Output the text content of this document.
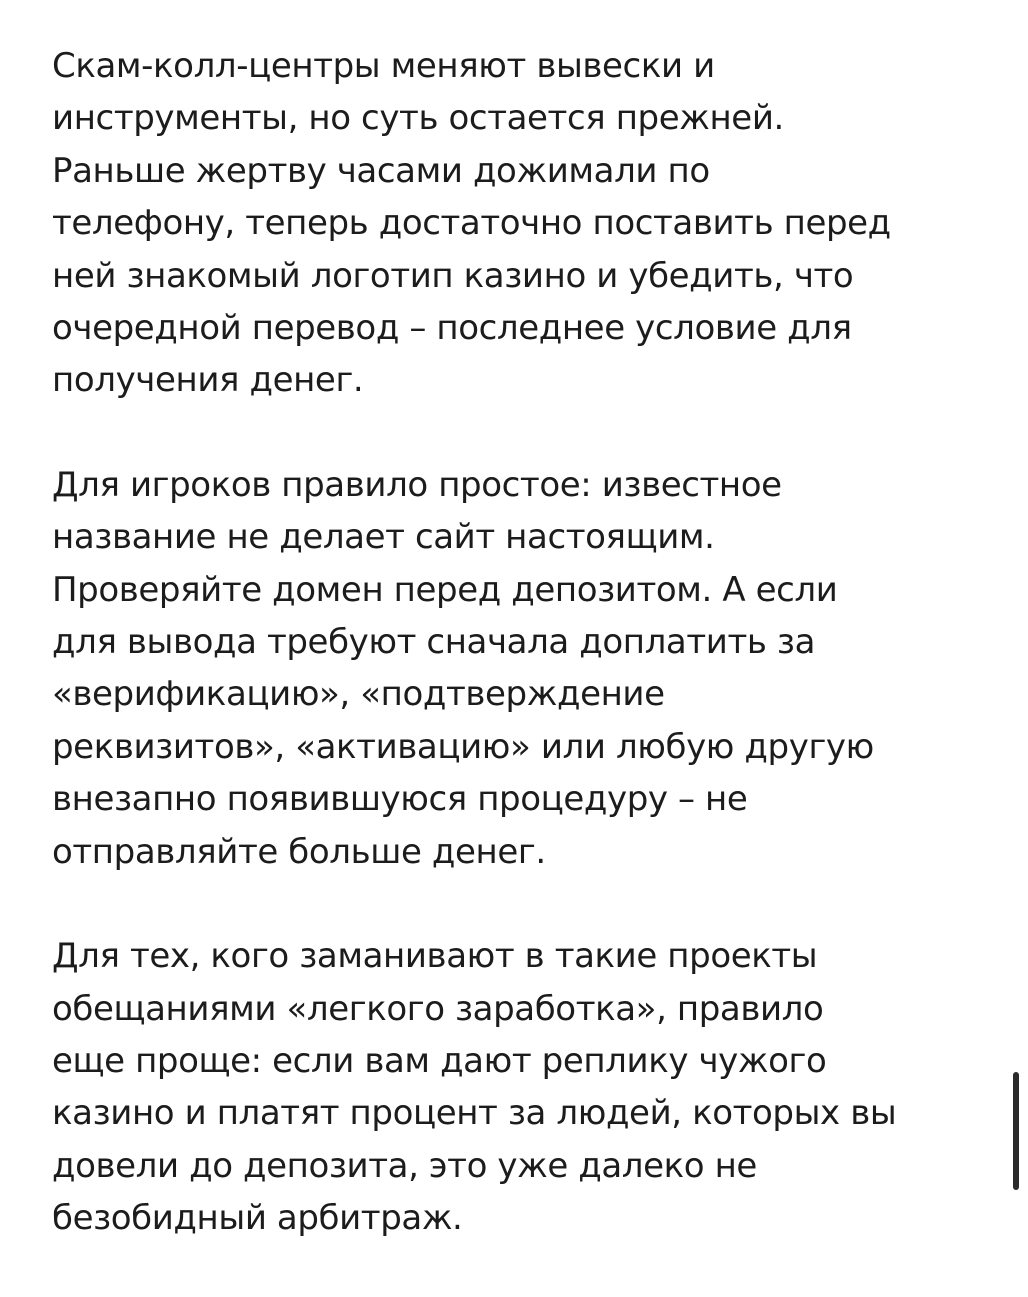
Скам-колл-центры меняют вывески и
инструменты, но суть остается прежней.
Раньше жертву часами дожимали по
телефону, теперь достаточно поставить перед
ней знакомый логотип казино и убедить, что
очередной перевод – последнее условие для
получения денег.

Для игроков правило простое: известное
название не делает сайт настоящим.
Проверяйте домен перед депозитом. А если
для вывода требуют сначала доплатить за
«верификацию», «подтверждение
реквизитов», «активацию» или любую другую
внезапно появившуюся процедуру – не
отправляйте больше денег.

Для тех, кого заманивают в такие проекты
обещаниями «легкого заработка», правило
еще проще: если вам дают реплику чужого
казино и платят процент за людей, которых вы
довели до депозита, это уже далеко не
безобидный арбитраж.
